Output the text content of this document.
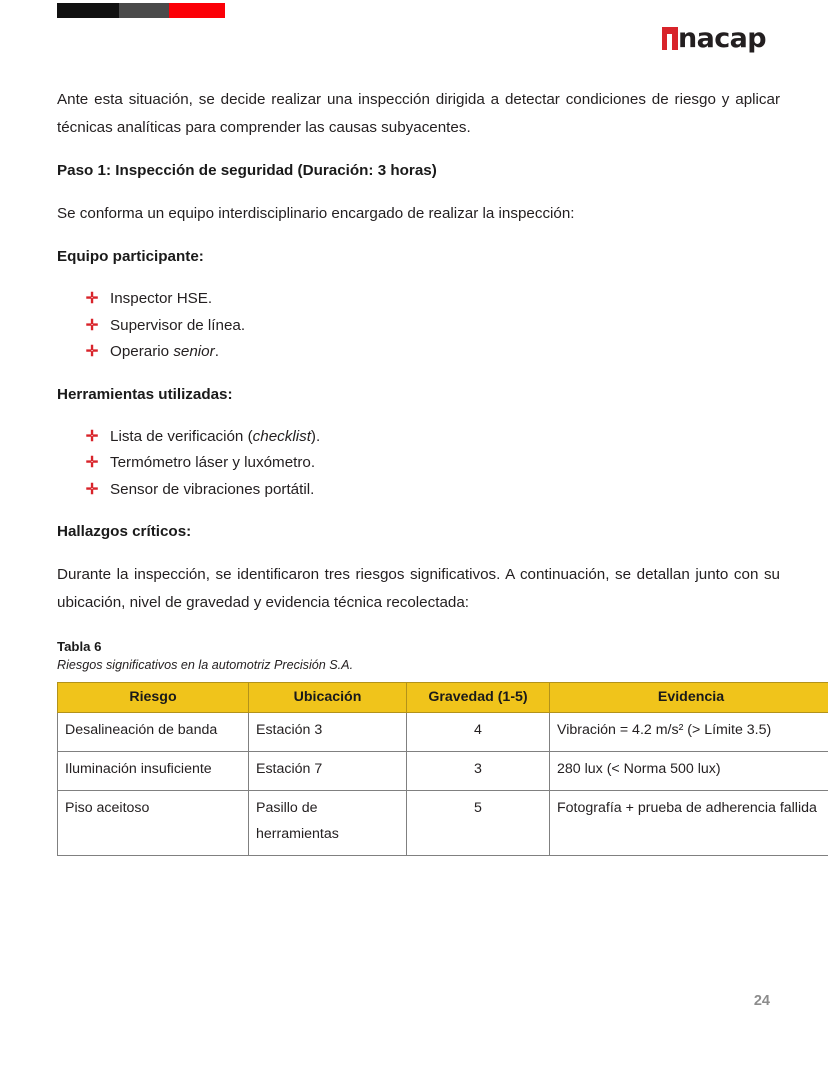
nacap

Ante esta situación, se decide realizar una inspección dirigida a detectar condiciones de riesgo y aplicar técnicas analíticas para comprender las causas subyacentes.

Paso 1: Inspección de seguridad (Duración: 3 horas)

Se conforma un equipo interdisciplinario encargado de realizar la inspección:

Equipo participante:
✛ Inspector HSE.
✛ Supervisor de línea.
✛ Operario senior.
Herramientas utilizadas:
✛ Lista de verificación (checklist).
✛ Termómetro láser y luxómetro.
✛ Sensor de vibraciones portátil.
Hallazgos críticos:

Durante la inspección, se identificaron tres riesgos significativos. A continuación, se detallan junto con su ubicación, nivel de gravedad y evidencia técnica recolectada:

Tabla 6

Riesgos significativos en la automotriz Precisión S.A.

Riesgo	Ubicación	Gravedad (1-5)	Evidencia
Desalineación de banda	Estación 3	4	Vibración = 4.2 m/s² (> Límite 3.5)
Iluminación insuficiente	Estación 7	3	280 lux (< Norma 500 lux)
Piso aceitoso	Pasillo de herramientas	5	Fotografía + prueba de adherencia fallida
24
